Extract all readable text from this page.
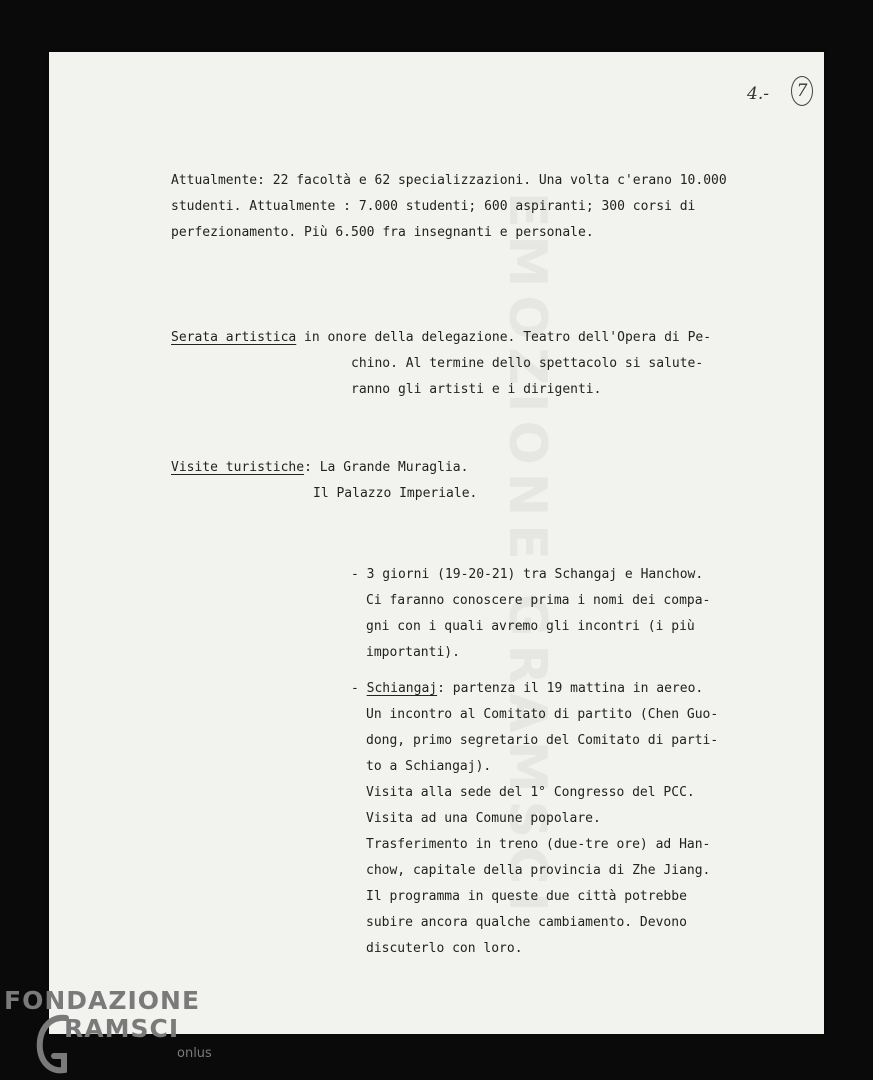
EMOZIONE GRAMSCI
4.-	7
Attualmente: 22 facoltà e 62 specializzazioni. Una volta c'erano 10.000
studenti. Attualmente : 7.000 studenti; 600 aspiranti; 300 corsi di
perfezionamento. Più 6.500 fra insegnanti e personale.
Serata artistica in onore della delegazione. Teatro dell'Opera di Pe-
chino. Al termine dello spettacolo si salute-
ranno gli artisti e i dirigenti.
Visite turistiche: La Grande Muraglia.
Il Palazzo Imperiale.
- 3 giorni (19-20-21) tra Schangaj e Hanchow.
Ci faranno conoscere prima i nomi dei compa-
gni con i quali avremo gli incontri (i più
importanti).
- Schiangaj: partenza il 19 mattina in aereo.
Un incontro al Comitato di partito (Chen Guo-
dong, primo segretario del Comitato di parti-
to a Schiangaj).
Visita alla sede del 1° Congresso del PCC.
Visita ad una Comune popolare.
Trasferimento in treno (due-tre ore) ad Han-
chow, capitale della provincia di Zhe Jiang.
Il programma in queste due città potrebbe
subire ancora qualche cambiamento. Devono
discuterlo con loro.
FONDAZIONE
RAMSCI
onlus
